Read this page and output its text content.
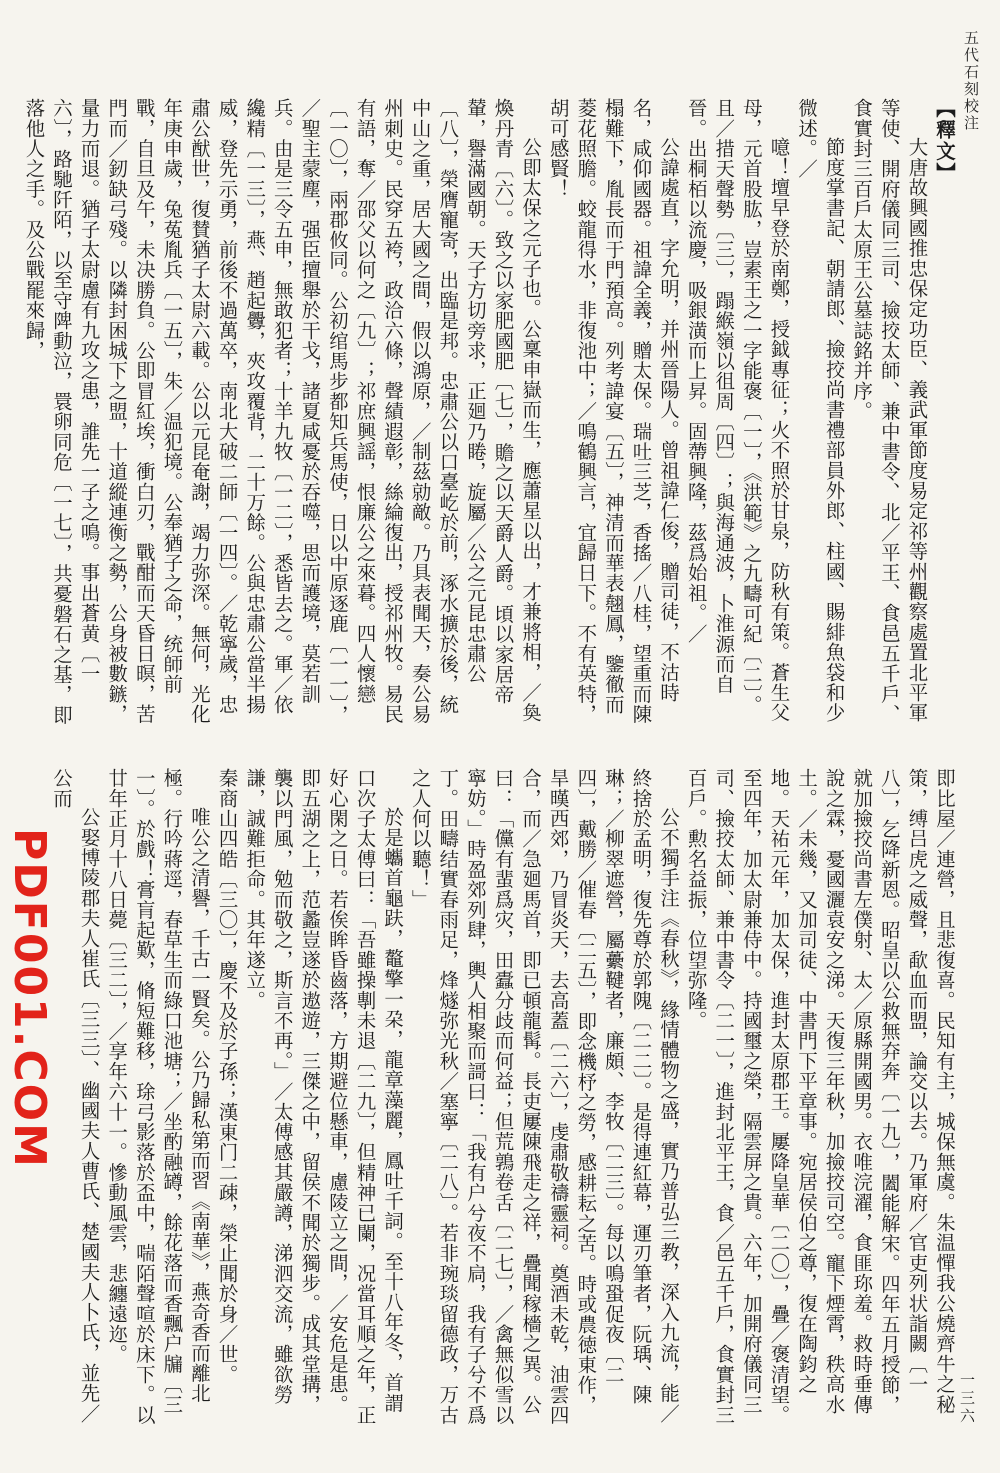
五代石刻校注
一三六
PDF001.COM
【釋文】

大唐故興國推忠保定功臣、義武軍節度易定祁等州觀察處置北平軍等使、開府儀同三司、撿挍太師、兼中書令、北／平王、食邑五千戶、食實封三百戶太原王公墓誌銘并序。

節度掌書記、朝請郎、撿挍尚書禮部員外郎、柱國、賜緋魚袋和少微述。／

噫！壇早登於南鄭，授鉞專征；火不照於甘泉，防秋有策。蒼生父母，元首股肱，豈素王之一字能褒〔一〕，《洪範》之九疇可紀〔二〕。且／措天聲勢〔三〕，蹋緱嶺以徂周〔四〕；與海通波，卜淮源而自晉。出桐栢以流慶，吸銀潢而上昇。固蔕興隆，茲爲始祖。／

公諱處直，字允明，并州晉陽人。曾祖諱仁俊，贈司徒，不沽時名，咸仰國器。祖諱全義，贈太保。瑞吐三芝，香搖／八桂，望重而陳榻難下，胤長而于門預高。列考諱宴〔五〕，神清而華表翹鳳，鑒徹而菱花照膽。蛟龍得水，非復池中；／鳴鶴興言，宜歸日下。不有英特，胡可感賢！

公即太保之元子也。公稟申嶽而生，應蕭星以出，才兼將相，／奐煥丹青〔六〕。致之以家肥國肥〔七〕，贍之以天爵人爵。頃以家居帝輦，譽滿國朝。天子方切旁求，正廻乃睠，旋屬／公之元昆忠肅公〔八〕，榮膺寵寄，出臨是邦。忠肅公以口臺屹於前，涿水擴於後，統中山之重，居大國之間，假以鴻原，／制茲勍敵。乃具表聞天，奏公易州刺史。民穿五袴，政洽六條，聲績遐彰，絲綸復出，授祁州牧。易民有語，奪／邵父以何之〔九〕；祁庶興謡，恨廉公之來暮。四人懷戀〔一〇〕，兩郡攸同。公初绾馬步都知兵馬使，日以中原逐鹿〔一一〕，／聖主蒙塵，强臣擅舉於干戈，諸夏咸憂於吞噬，思而護境，莫若訓兵。由是三令五申，無敢犯者；十羊九牧〔一二〕，悉皆去之。軍／依纔精〔一三〕，燕、趙起釁，夾攻覆背，二十万餘。公與忠肅公當半揚威，登先示勇，前後不過萬卒，南北大破二師〔一四〕。／乾寧歲，忠肅公猷世，復賛猶子太尉六載。公以元昆奄謝，竭力弥深。無何，光化年庚申歲，兔菟胤兵〔一五〕，朱／温犯境。公奉猶子之命，统師前戰，自旦及午，未决勝負。公即冒紅埃，衝白刃，戰酣而天昏日暝，苦門而／釰缺弓殘。以隣封困城下之盟，十道縱連衡之勢，公身被數鏃，量力而退。猶子太尉慮有九攻之患，誰先一子之鳴。事出蒼黄〔一六〕，路馳阡陌，以至守陴動泣，睘卵同危〔一七〕，共憂磐石之基，即落他人之手。及公戰罷來歸，

即比屋／連營，且悲復喜。民知有主，城保無虞。朱温憚我公燒齊牛之秘策，缚吕虎之威聲，歃血而盟，論交以去。乃軍府／官吏列状詣闕〔一八〕，乞降新恩。昭皇以公救無㚏奔〔一九〕，闔能解宋。四年五月授節，就加撿挍尚書左僕射、太／原縣開國男。衣唯浣濯，食匪珎羞。救時垂傳說之霖，憂國灑袁安之涕。天復三年秋，加撿挍司空。寵下煙霄，秩高水土。／未幾，又加司徒、中書門下平章事。宛居侯伯之尊，復在陶鈞之地。天祐元年，加太保，進封太原郡王。屢降皇華〔二〇〕，疊／褒清望。至四年，加太尉兼侍中。持國璽之榮，隔雲屏之貴。六年，加開府儀同三司、撿挍太師、兼中書令〔二一〕，進封北平王，食／邑五千戶，食實封三百戶。勲名益振，位望弥隆。

公不獨手注《春秋》，緣情體物之盛，實乃普弘三教，深入九流，能／終捨於孟明，復先尊於郭隗〔二二〕。是得連紅幕，運刃筆者，阮瑀、陳琳；／柳翠遮營，屬虆鞬者，廉頗、李牧〔二三〕。每以鳴蛩促夜〔二四〕，戴勝／催春〔二五〕，即念機杼之勞，感耕耘之苦。時或農徳東作，旱暵西郊，乃冒炎天，去高蓋〔二六〕，虔肅敬禱靈祠。奠酒未乾，油雲四合，而／急廻馬首，即已頓龍髯。長吏屢陳飛走之祥，疊聞稼檣之異。公曰：「儻有蜚爲灾，田蠹分歧而何益；但荒鶉卷舌〔二七〕，／禽無似雪以寧妨。」時盈郊列肆，輿人相聚而謌曰：「我有户兮夜不扃，我有子兮不爲丁。田疇结實春雨足，烽燧弥光秋／塞寧〔二八〕。若非琬琰留德政，万古之人何以聽！」

於是蠵首龜趺，鼇擎一朶，龍章藻麗，鳳吐千詞。至十八年冬，首謂口次子太傅曰：「吾雖操剸未退〔二九〕，但精神已闌，况當耳順之年，正好心閑之日。若俟眸昏齒落，方期避位懸車，慮陵立之間，／安危是患。即五湖之上，范蠡豈遂於遨遊，三傑之中，留侯不聞於獨步。成其堂搆，襲以門風，勉而敬之，斯言不再。」／太傅感其嚴譐，涕泗交流，雖欲勞謙，誠難拒命。其年遂立。

秦商山四皓〔三〇〕，慶不及於子孫；漢東门二疎，榮止聞於身／世。

唯公之清譽，千古一賢矣。公乃歸私第而習《南華》，燕奇香而離北極。行吟蔣逕，春草生而綠口池塘；／坐酌融罇，餘花落而香飄户牖〔三一〕。於戲！膏肓起歎，脩短難移，㻌弓影落於盃中，喘陌聲喧於床下。以廿年正月十八日薨〔三二〕，／享年六十一。慘動風雲，悲纏遠迩。

公娶博陵郡夫人崔氏〔三三〕、幽國夫人曹氏、楚國夫人卜氏，並先／公而
